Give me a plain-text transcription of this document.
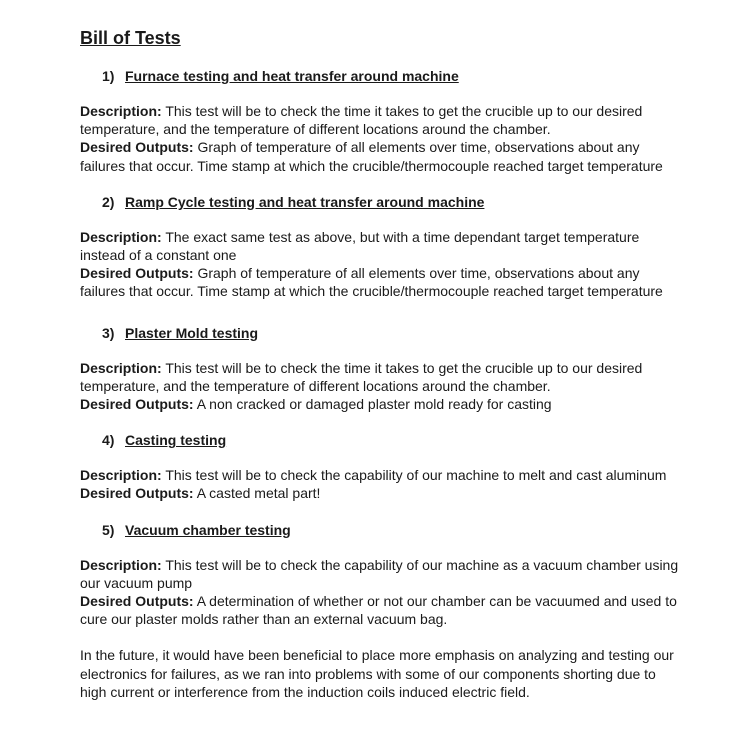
Bill of Tests
1) Furnace testing and heat transfer around machine

Description: This test will be to check the time it takes to get the crucible up to our desired temperature, and the temperature of different locations around the chamber.

Desired Outputs: Graph of temperature of all elements over time, observations about any failures that occur. Time stamp at which the crucible/thermocouple reached target temperature

2) Ramp Cycle testing and heat transfer around machine

Description: The exact same test as above, but with a time dependant target temperature instead of a constant one

Desired Outputs: Graph of temperature of all elements over time, observations about any failures that occur. Time stamp at which the crucible/thermocouple reached target temperature

3) Plaster Mold testing

Description: This test will be to check the time it takes to get the crucible up to our desired temperature, and the temperature of different locations around the chamber.

Desired Outputs: A non cracked or damaged plaster mold ready for casting

4) Casting testing

Description: This test will be to check the capability of our machine to melt and cast aluminum

Desired Outputs: A casted metal part!

5) Vacuum chamber testing

Description: This test will be to check the capability of our machine as a vacuum chamber using our vacuum pump

Desired Outputs: A determination of whether or not our chamber can be vacuumed and used to cure our plaster molds rather than an external vacuum bag.

In the future, it would have been beneficial to place more emphasis on analyzing and testing our electronics for failures, as we ran into problems with some of our components shorting due to high current or interference from the induction coils induced electric field.
